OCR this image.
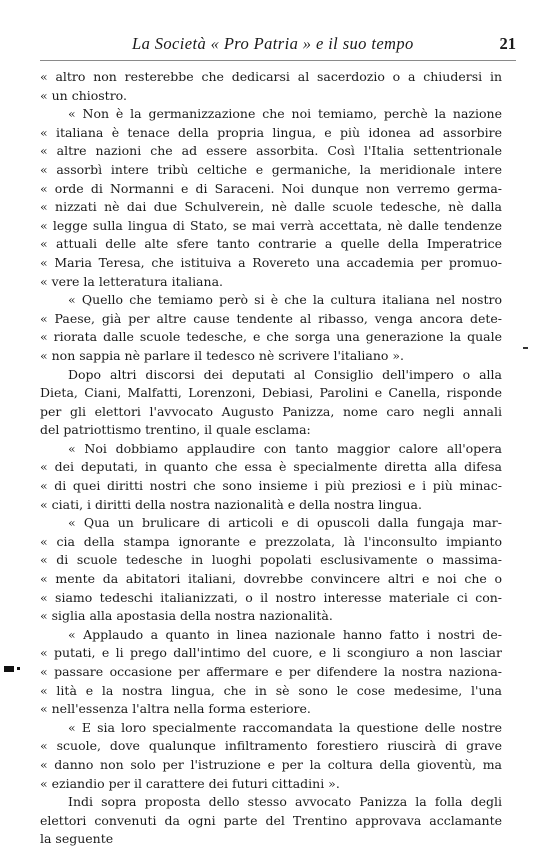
La Società « Pro Patria » e il suo tempo	21
« altro non resterebbe che dedicarsi al sacerdozio o a chiudersi in
« un chiostro.
« Non è la germanizzazione che noi temiamo, perchè la nazione
« italiana è tenace della propria lingua, e più idonea ad assorbire
« altre nazioni che ad essere assorbita. Così l'Italia settentrionale
« assorbì intere tribù celtiche e germaniche, la meridionale intere
« orde di Normanni e di Saraceni. Noi dunque non verremo germa-
« nizzati nè dai due Schulverein, nè dalle scuole tedesche, nè dalla
« legge sulla lingua di Stato, se mai verrà accettata, nè dalle tendenze
« attuali delle alte sfere tanto contrarie a quelle della Imperatrice
« Maria Teresa, che istituiva a Rovereto una accademia per promuo-
« vere la letteratura italiana.
« Quello che temiamo però si è che la cultura italiana nel nostro
« Paese, già per altre cause tendente al ribasso, venga ancora dete-
« riorata dalle scuole tedesche, e che sorga una generazione la quale
« non sappia nè parlare il tedesco nè scrivere l'italiano ».
Dopo altri discorsi dei deputati al Consiglio dell'impero o alla
Dieta, Ciani, Malfatti, Lorenzoni, Debiasi, Parolini e Canella, risponde
per gli elettori l'avvocato Augusto Panizza, nome caro negli annali
del patriottismo trentino, il quale esclama:
« Noi dobbiamo applaudire con tanto maggior calore all'opera
« dei deputati, in quanto che essa è specialmente diretta alla difesa
« di quei diritti nostri che sono insieme i più preziosi e i più minac-
« ciati, i diritti della nostra nazionalità e della nostra lingua.
« Qua un brulicare di articoli e di opuscoli dalla fungaja mar-
« cia della stampa ignorante e prezzolata, là l'inconsulto impianto
« di scuole tedesche in luoghi popolati esclusivamente o massima-
« mente da abitatori italiani, dovrebbe convincere altri e noi che o
« siamo tedeschi italianizzati, o il nostro interesse materiale ci con-
« siglia alla apostasia della nostra nazionalità.
« Applaudo a quanto in linea nazionale hanno fatto i nostri de-
« putati, e li prego dall'intimo del cuore, e li scongiuro a non lasciar
« passare occasione per affermare e per difendere la nostra naziona-
« lità e la nostra lingua, che in sè sono le cose medesime, l'una
« nell'essenza l'altra nella forma esteriore.
« E sia loro specialmente raccomandata la questione delle nostre
« scuole, dove qualunque infiltramento forestiero riuscirà di grave
« danno non solo per l'istruzione e per la coltura della gioventù, ma
« eziandio per il carattere dei futuri cittadini ».
Indi sopra proposta dello stesso avvocato Panizza la folla degli
elettori convenuti da ogni parte del Trentino approvava acclamante
la seguente
